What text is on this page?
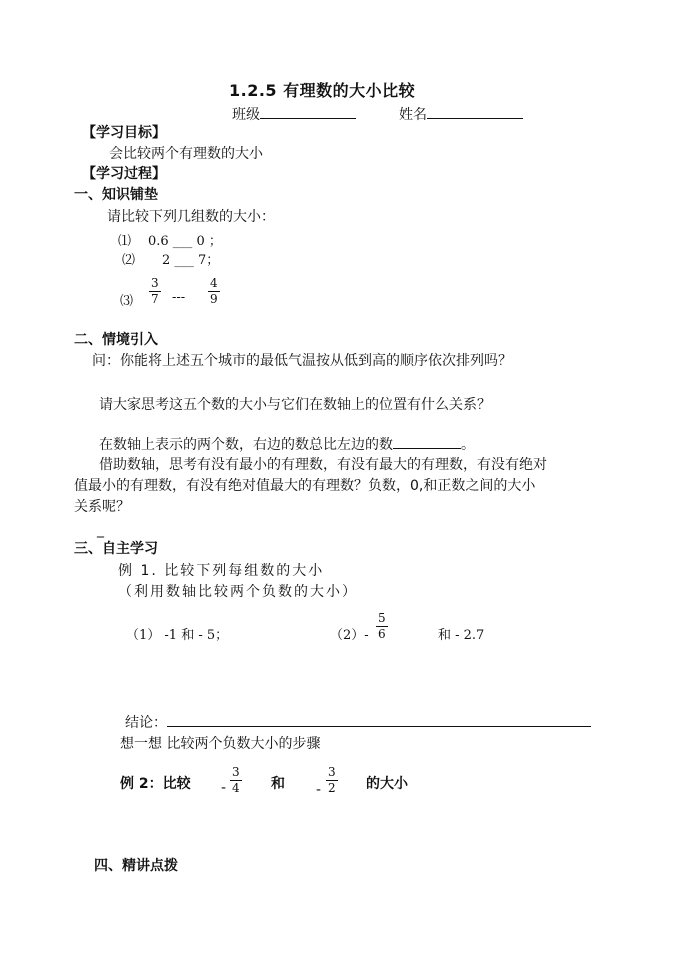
1.2.5 有理数的大小比较
班级	姓名
【学习目标】
会比较两个有理数的大小
【学习过程】
一、知识铺垫
请比较下列几组数的大小：
⑴ 0.6 ___ 0 ；
⑵ 2 ___ 7；
⑶
3
7 ---
4
9
二、情境引入
问：你能将上述五个城市的最低气温按从低到高的顺序依次排列吗？
请大家思考这五个数的大小与它们在数轴上的位置有什么关系？
在数轴上表示的两个数，右边的数总比左边的数	。
借助数轴，思考有没有最小的有理数，有没有最大的有理数，有没有绝对
值最小的有理数，有没有绝对值最大的有理数？负数，0,和正数之间的大小
关系呢？
_
三、自主学习
例 1. 比较下列每组数的大小
（利用数轴比较两个负数的大小）
（1） -1 和 - 5；	（2）-
5
6	和 - 2.7
结论：
想一想 比较两个负数大小的步骤
例 2：比较 -
3
4 和 -
3
2 的大小
四、精讲点拨
